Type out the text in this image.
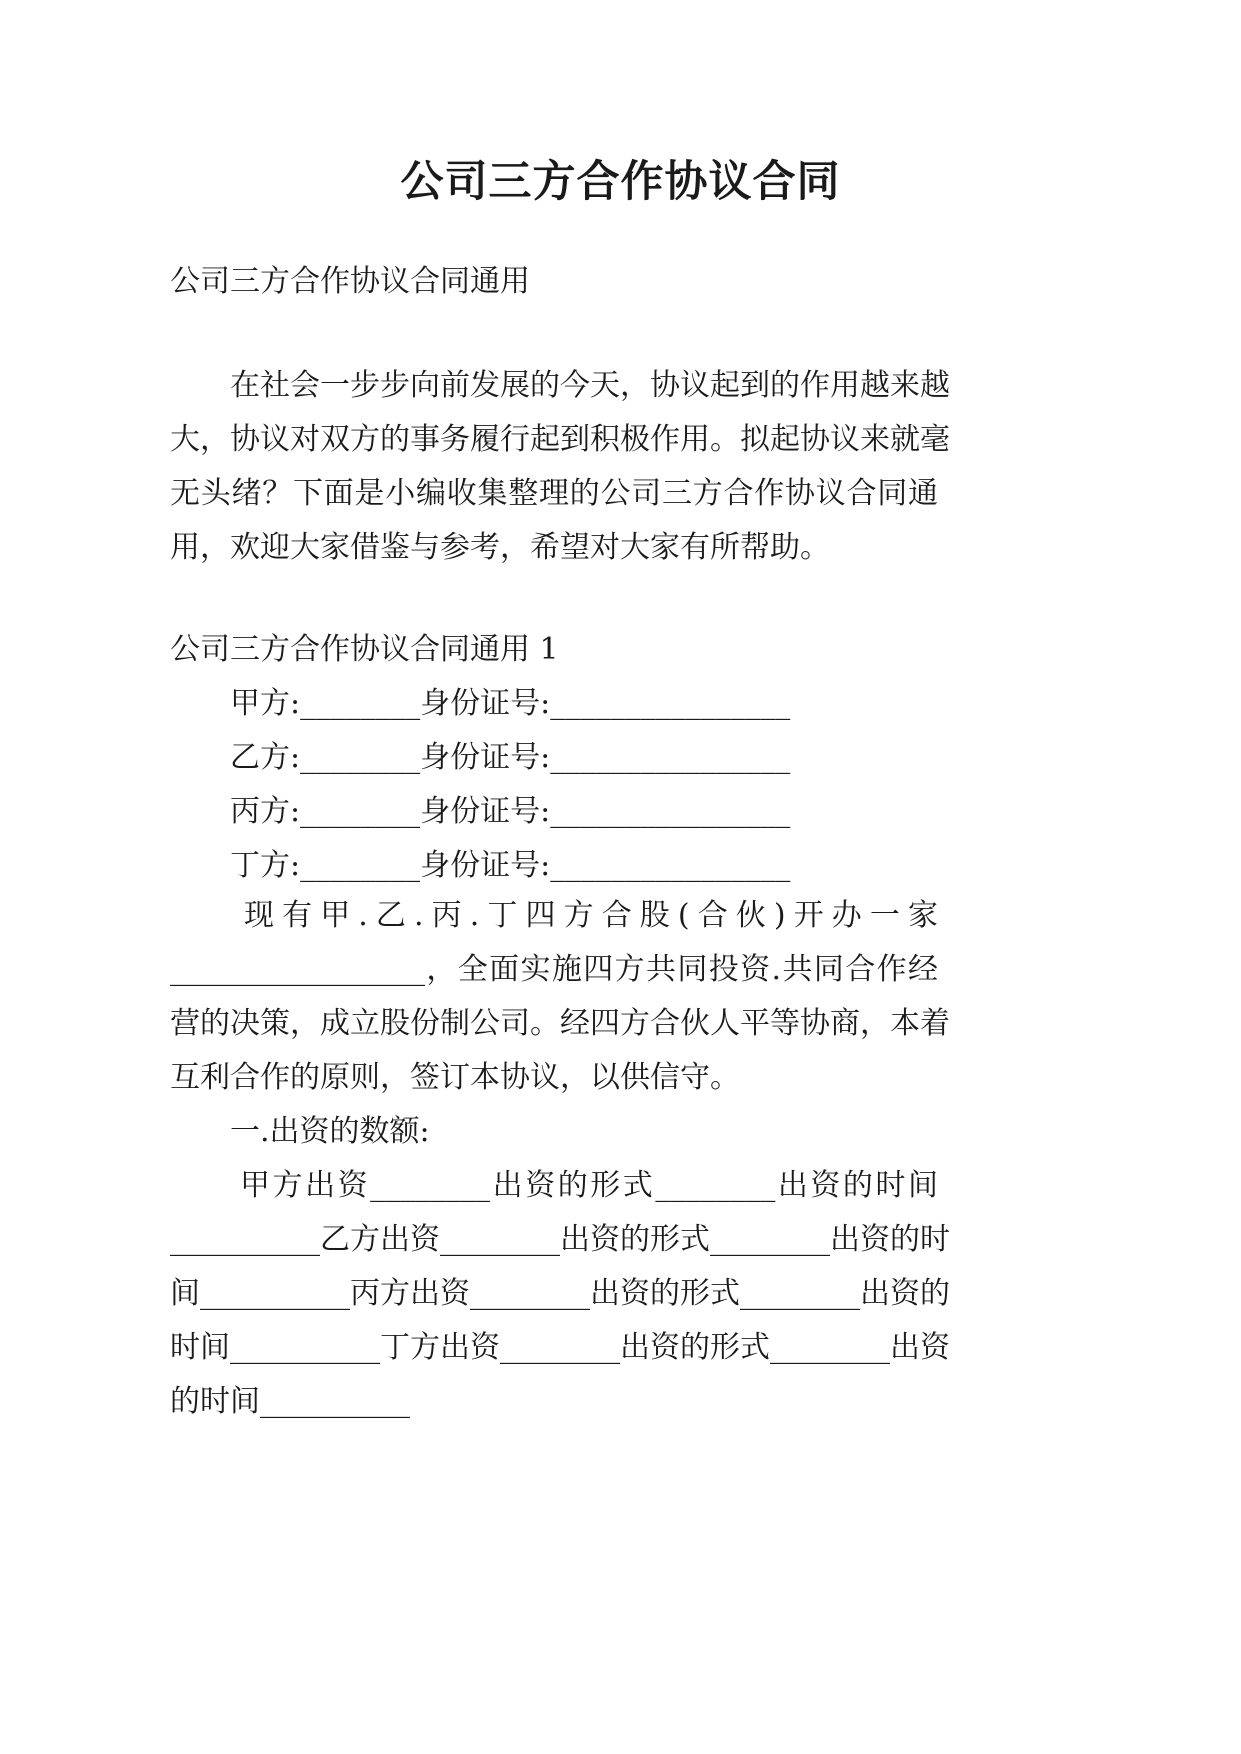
公司三方合作协议合同

公司三方合作协议合同通用

在社会一步步向前发展的今天，协议起到的作用越来越

大，协议对双方的事务履行起到积极作用。拟起协议来就毫

无头绪？下面是小编收集整理的公司三方合作协议合同通

用，欢迎大家借鉴与参考，希望对大家有所帮助。

公司三方合作协议合同通用 1

甲方:________身份证号:________________

乙方:________身份证号:________________

丙方:________身份证号:________________

丁方:________身份证号:________________

现有甲.乙.丙.丁四方合股(合伙)开办一家

_________________，全面实施四方共同投资.共同合作经

营的决策，成立股份制公司。经四方合伙人平等协商，本着

互利合作的原则，签订本协议，以供信守。

一.出资的数额:

甲方出资________出资的形式________出资的时间

__________乙方出资________出资的形式________出资的时

间__________丙方出资________出资的形式________出资的

时间__________丁方出资________出资的形式________出资

的时间__________
